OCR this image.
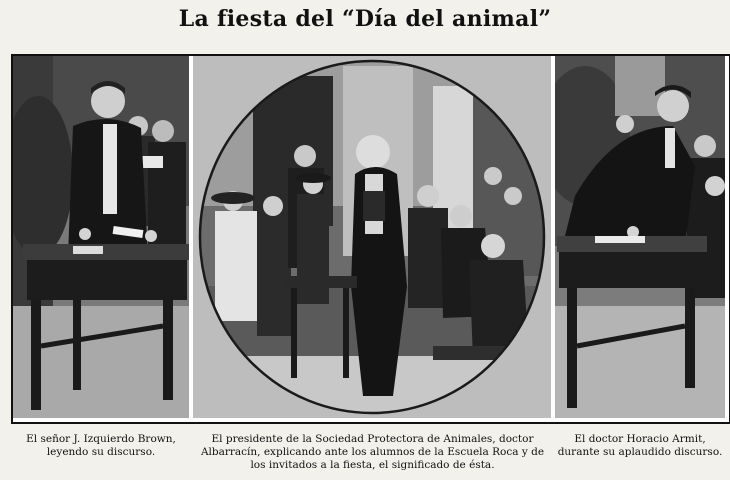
La fiesta del “Día del animal”
El señor J. Izquierdo Brown, leyendo su discurso.
El presidente de la Sociedad Protectora de Animales, doctor Albarracín, explicando ante los alumnos de la Escuela Roca y de los invitados a la fiesta, el significado de ésta.
El doctor Horacio Armit, durante su aplaudido discurso.
